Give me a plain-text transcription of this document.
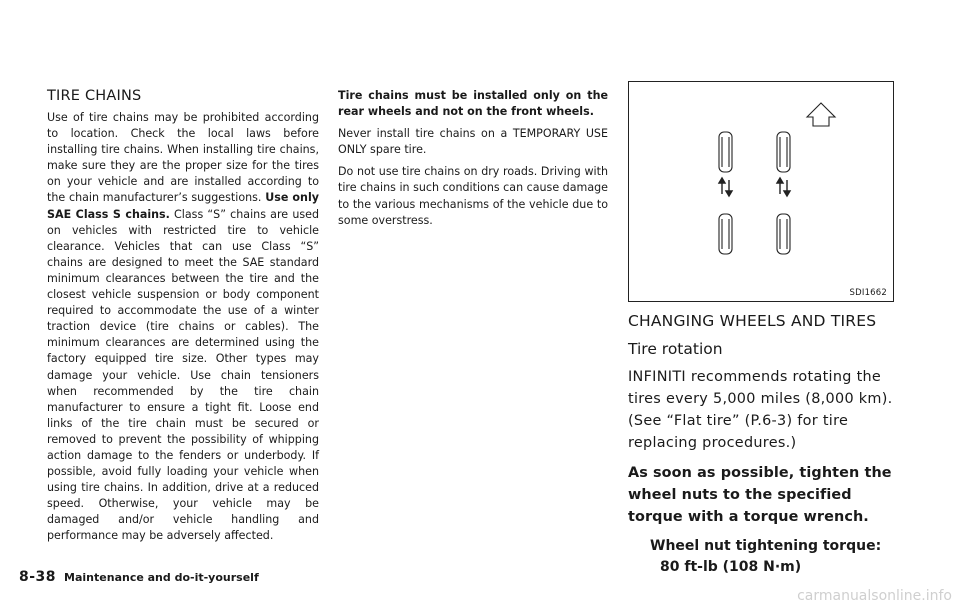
TIRE CHAINS

Use of tire chains may be prohibited according to location. Check the local laws before installing tire chains. When installing tire chains, make sure they are the proper size for the tires on your vehicle and are installed according to the chain manufacturer’s suggestions. Use only SAE Class S chains. Class “S” chains are used on vehicles with restricted tire to vehicle clearance. Vehicles that can use Class “S” chains are designed to meet the SAE standard minimum clearances between the tire and the closest vehicle suspension or body component required to accommodate the use of a winter traction device (tire chains or cables). The minimum clearances are determined using the factory equipped tire size. Other types may damage your vehicle. Use chain tensioners when recommended by the tire chain manufacturer to ensure a tight fit. Loose end links of the tire chain must be secured or removed to prevent the possibility of whipping action damage to the fenders or underbody. If possible, avoid fully loading your vehicle when using tire chains. In addition, drive at a reduced speed. Otherwise, your vehicle may be damaged and/or vehicle handling and performance may be adversely affected.

Tire chains must be installed only on the rear wheels and not on the front wheels.

Never install tire chains on a TEMPORARY USE ONLY spare tire.

Do not use tire chains on dry roads. Driving with tire chains in such conditions can cause damage to the various mechanisms of the vehicle due to some overstress.

SDI1662
CHANGING WHEELS AND TIRES
Tire rotation

INFINITI recommends rotating the tires every 5,000 miles (8,000 km). (See “Flat tire” (P.6-3) for tire replacing procedures.)

As soon as possible, tighten the wheel nuts to the specified torque with a torque wrench.

Wheel nut tightening torque:
80 ft-lb (108 N·m)
8-38 Maintenance and do-it-yourself
carmanualsonline.info
